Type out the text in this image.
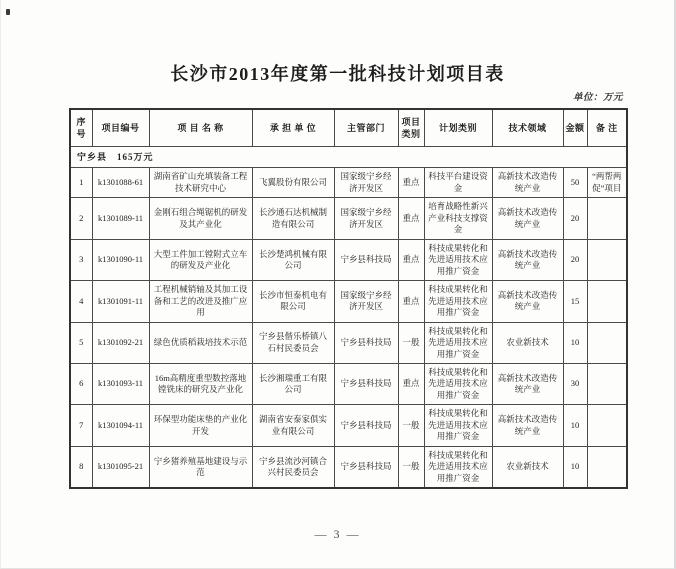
长沙市2013年度第一批科技计划项目表
单位：万元
序号	项目编号	项 目 名 称	承 担 单 位	主管部门	项目类别	计划类别	技术领域	金额	备 注
宁乡县　165万元									
1	k1301088-61	湖南省矿山充填装备工程技术研究中心	飞翼股份有限公司	国家级宁乡经济开发区	重点	科技平台建设资金	高新技术改造传统产业	50	“两帮两促”项目
2	k1301089-11	金刚石组合绳锯机的研发及其产业化	长沙通石达机械制造有限公司	国家级宁乡经济开发区	重点	培育战略性新兴产业科技支撑资金	高新技术改造传统产业	20	
3	k1301090-11	大型工件加工镗附式立车的研发及产业化	长沙楚鸿机械有限公司	宁乡县科技局	重点	科技成果转化和先进适用技术应用推广资金	高新技术改造传统产业	20	
4	k1301091-11	工程机械销轴及其加工设备和工艺的改进及推广应用	长沙市恒泰机电有限公司	国家级宁乡经济开发区	重点	科技成果转化和先进适用技术应用推广资金	高新技术改造传统产业	15	
5	k1301092-21	绿色优质稻栽培技术示范	宁乡县偕乐桥镇八石村民委员会	宁乡县科技局	一般	科技成果转化和先进适用技术应用推广资金	农业新技术	10	
6	k1301093-11	16m高精度重型数控落地镗铣床的研究及产业化	长沙湘瑞重工有限公司	宁乡县科技局	重点	科技成果转化和先进适用技术应用推广资金	高新技术改造传统产业	30	
7	k1301094-11	环保型功能床垫的产业化开发	湖南省安泰家俱实业有限公司	宁乡县科技局	一般	科技成果转化和先进适用技术应用推广资金	高新技术改造传统产业	10	
8	k1301095-21	宁乡猪养殖基地建设与示范	宁乡县流沙河镇合兴村民委员会	宁乡县科技局	一般	科技成果转化和先进适用技术应用推广资金	农业新技术	10	
— 3 —
